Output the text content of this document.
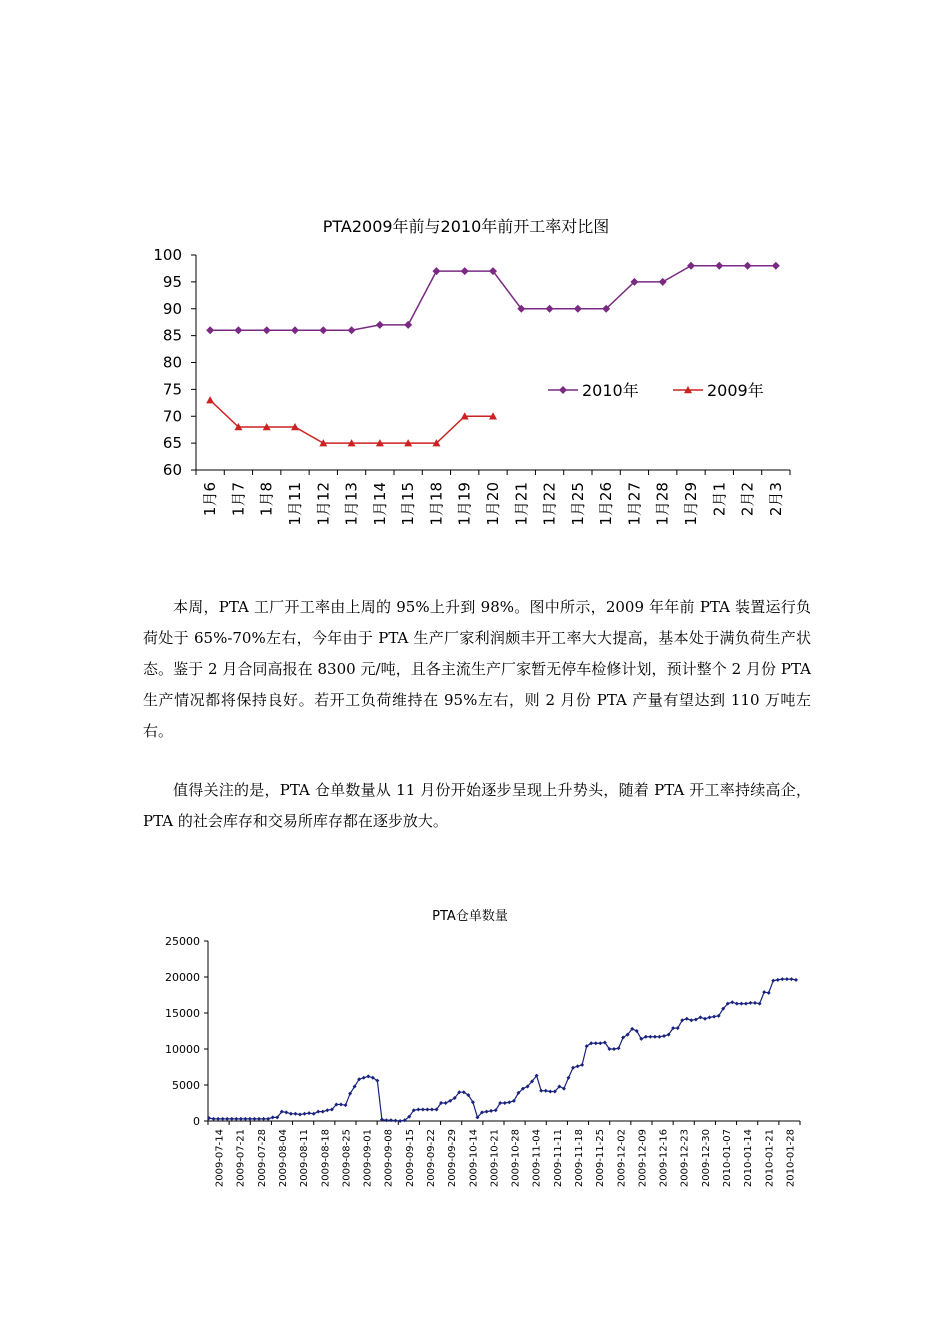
PTA2009年前与2010年前开工率对比图
60
65
70
75
80
85
90
95
100
1月6 1月7 1月8 1月11 1月12 1月13 1月14 1月15 1月18 1月19 1月20 1月21 1月22 1月25 1月26 1月27 1月28 1月29 2月1 2月2 2月3
2010年	2009年

本周，PTA 工厂开工率由上周的 95%上升到 98%。图中所示，2009 年年前 PTA 装置运行负荷处于 65%-70%左右，今年由于 PTA 生产厂家利润颇丰开工率大大提高，基本处于满负荷生产状态。鉴于 2 月合同高报在 8300 元/吨，且各主流生产厂家暂无停车检修计划，预计整个 2 月份 PTA 生产情况都将保持良好。若开工负荷维持在 95%左右，则 2 月份 PTA 产量有望达到 110 万吨左右。

值得关注的是，PTA 仓单数量从 11 月份开始逐步呈现上升势头，随着 PTA 开工率持续高企，PTA 的社会库存和交易所库存都在逐步放大。

PTA仓单数量
0
5000
10000
15000
20000
25000
2009-07-14 2009-07-21 2009-07-28 2009-08-04 2009-08-11 2009-08-18 2009-08-25 2009-09-01 2009-09-08 2009-09-15 2009-09-22 2009-09-29 2009-10-14 2009-10-21 2009-10-28 2009-11-04 2009-11-11 2009-11-18 2009-11-25 2009-12-02 2009-12-09 2009-12-16 2009-12-23 2009-12-30 2010-01-07 2010-01-14 2010-01-21 2010-01-28
